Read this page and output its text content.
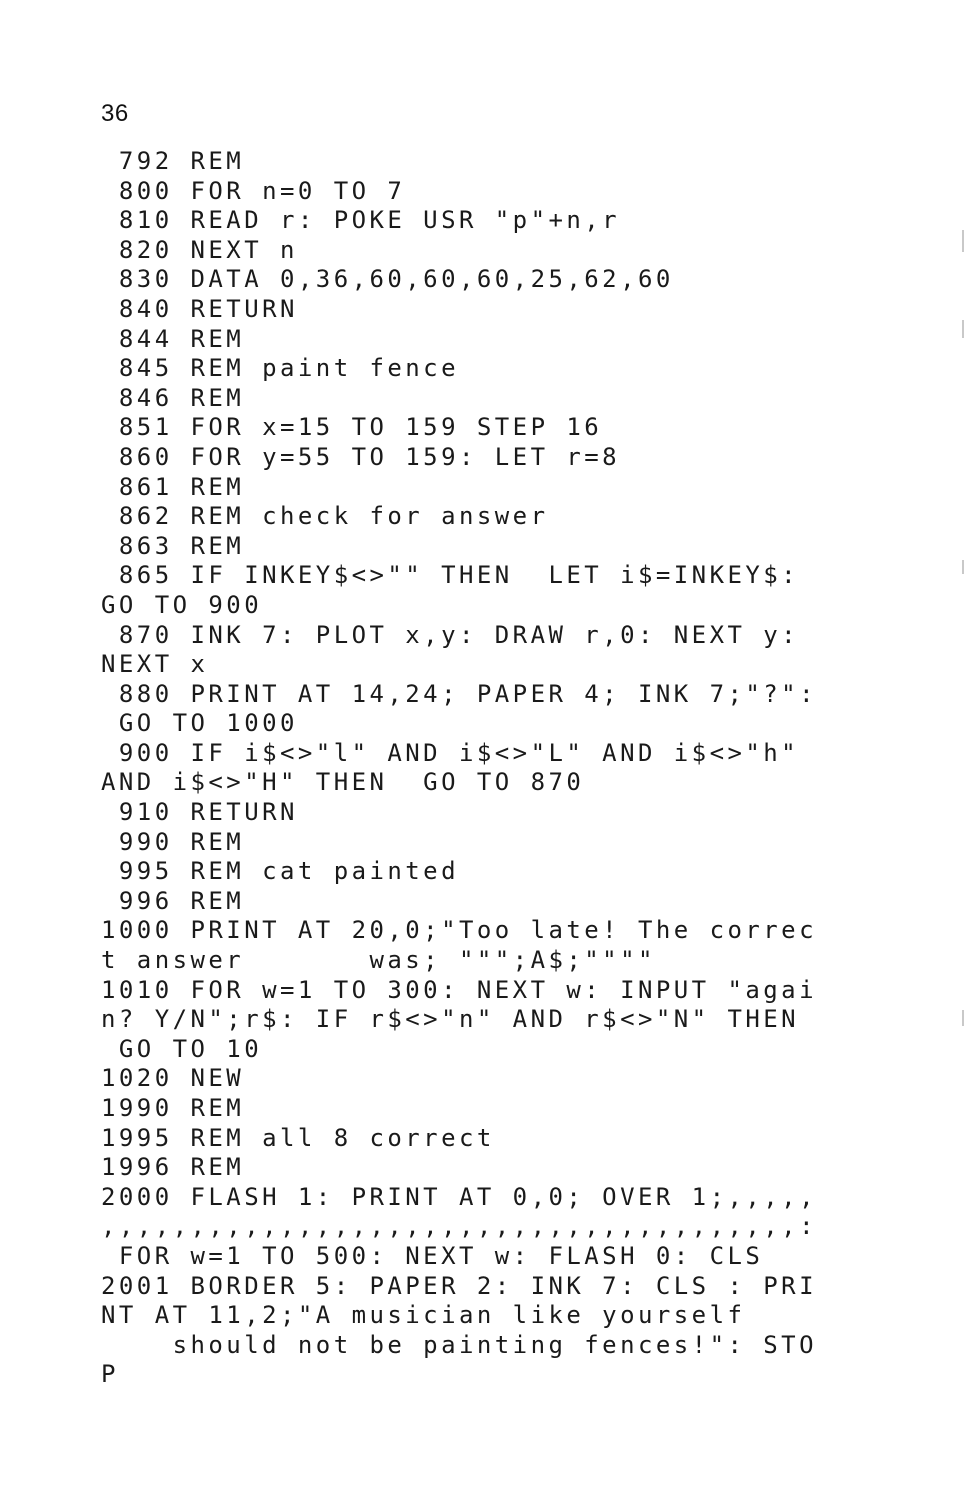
36
792 REM
800 FOR n=0 TO 7
810 READ r: POKE USR "p"+n,r
820 NEXT n
830 DATA 0,36,60,60,60,25,62,60
840 RETURN
844 REM
845 REM paint fence
846 REM
851 FOR x=15 TO 159 STEP 16
860 FOR y=55 TO 159: LET r=8
861 REM
862 REM check for answer
863 REM
865 IF INKEY$<>"" THEN  LET i$=INKEY$:
GO TO 900
870 INK 7: PLOT x,y: DRAW r,0: NEXT y:
NEXT x
880 PRINT AT 14,24; PAPER 4; INK 7;"?":
GO TO 1000
900 IF i$<>"l" AND i$<>"L" AND i$<>"h"
AND i$<>"H" THEN  GO TO 870
910 RETURN
990 REM
995 REM cat painted
996 REM
1000 PRINT AT 20,0;"Too late! The correc
t answer       was; """;A$;""""
1010 FOR w=1 TO 300: NEXT w: INPUT "agai
n? Y/N";r$: IF r$<>"n" AND r$<>"N" THEN
GO TO 10
1020 NEW
1990 REM
1995 REM all 8 correct
1996 REM
2000 FLASH 1: PRINT AT 0,0; OVER 1;,,,,,
,,,,,,,,,,,,,,,,,,,,,,,,,,,,,,,,,,,,,,,:
FOR w=1 TO 500: NEXT w: FLASH 0: CLS
2001 BORDER 5: PAPER 2: INK 7: CLS : PRI
NT AT 11,2;"A musician like yourself
should not be painting fences!": STO
P
